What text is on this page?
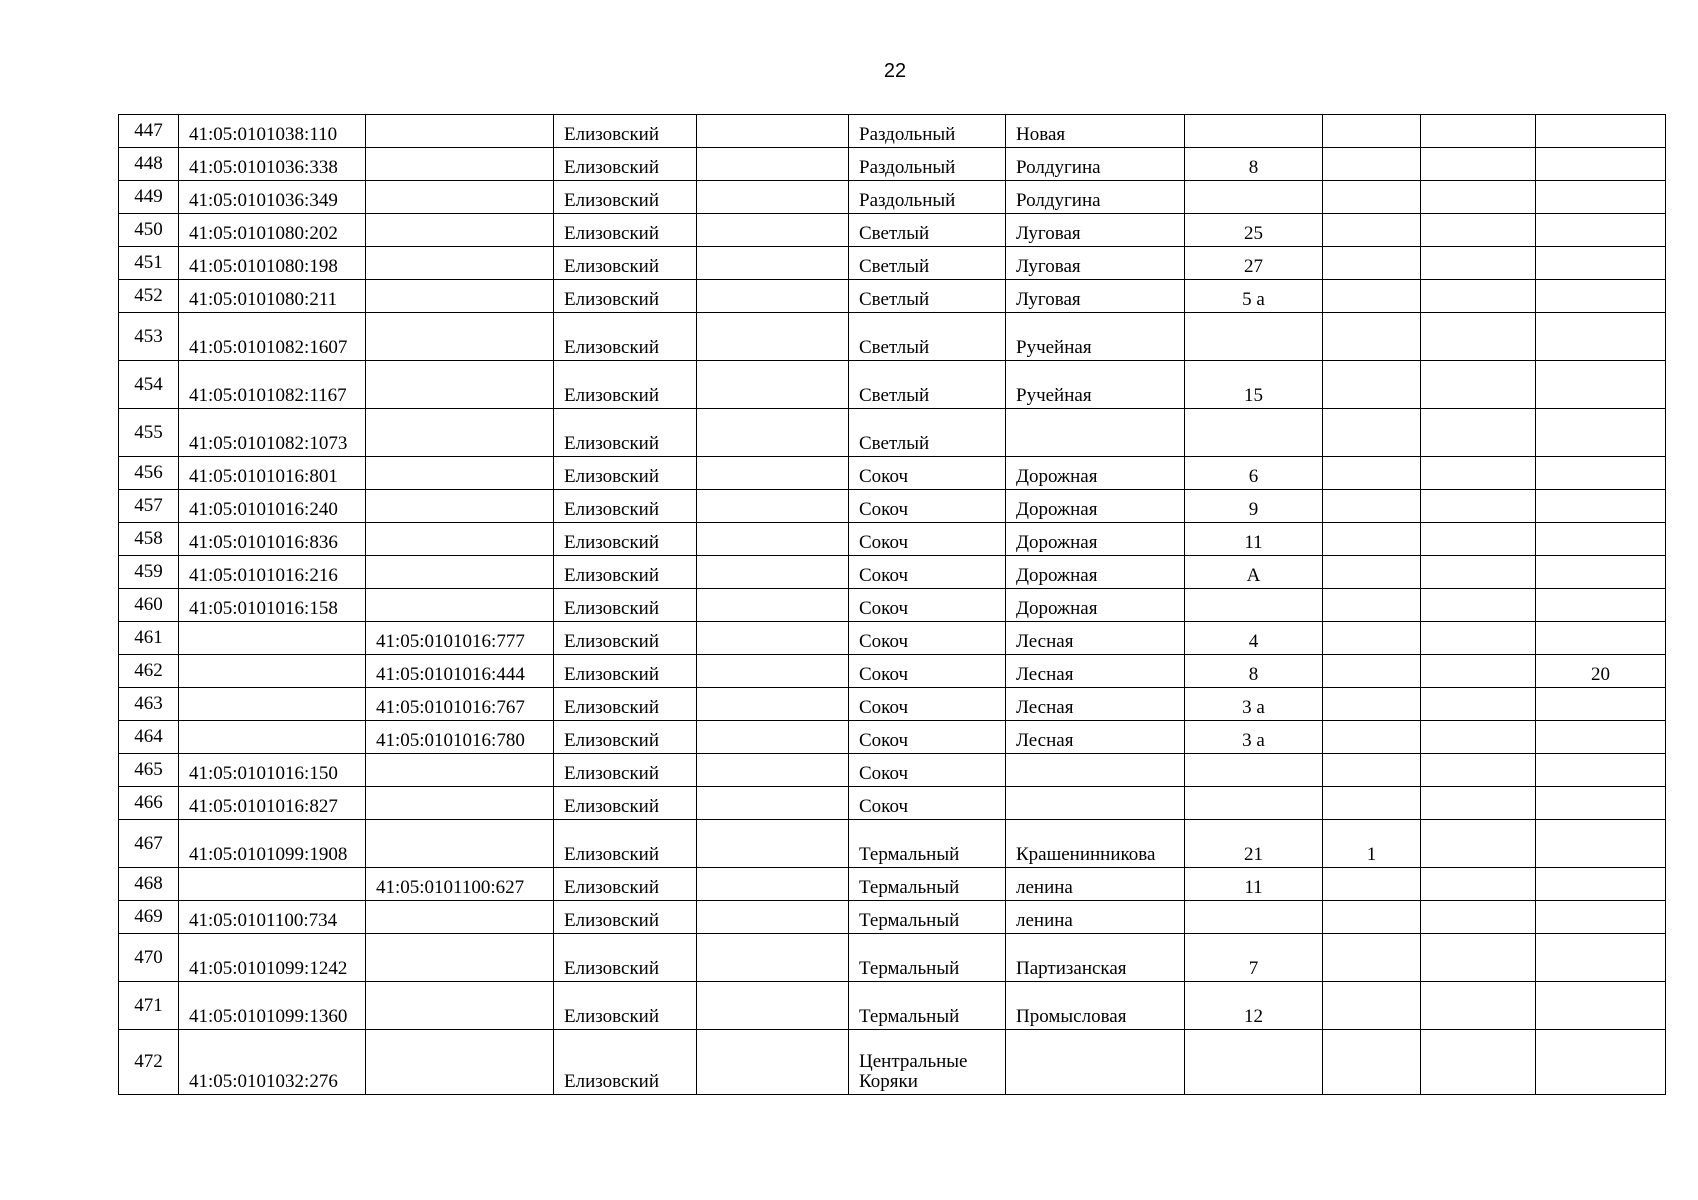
22
447	41:05:0101038:110		Елизовский		Раздольный	Новая				
448	41:05:0101036:338		Елизовский		Раздольный	Ролдугина	8			
449	41:05:0101036:349		Елизовский		Раздольный	Ролдугина				
450	41:05:0101080:202		Елизовский		Светлый	Луговая	25			
451	41:05:0101080:198		Елизовский		Светлый	Луговая	27			
452	41:05:0101080:211		Елизовский		Светлый	Луговая	5 а			
453	41:05:0101082:1607		Елизовский		Светлый	Ручейная				
454	41:05:0101082:1167		Елизовский		Светлый	Ручейная	15			
455	41:05:0101082:1073		Елизовский		Светлый					
456	41:05:0101016:801		Елизовский		Сокоч	Дорожная	6			
457	41:05:0101016:240		Елизовский		Сокоч	Дорожная	9			
458	41:05:0101016:836		Елизовский		Сокоч	Дорожная	11			
459	41:05:0101016:216		Елизовский		Сокоч	Дорожная	А			
460	41:05:0101016:158		Елизовский		Сокоч	Дорожная				
461		41:05:0101016:777	Елизовский		Сокоч	Лесная	4			
462		41:05:0101016:444	Елизовский		Сокоч	Лесная	8			20
463		41:05:0101016:767	Елизовский		Сокоч	Лесная	3 а			
464		41:05:0101016:780	Елизовский		Сокоч	Лесная	3 а			
465	41:05:0101016:150		Елизовский		Сокоч					
466	41:05:0101016:827		Елизовский		Сокоч					
467	41:05:0101099:1908		Елизовский		Термальный	Крашенинникова	21	1		
468		41:05:0101100:627	Елизовский		Термальный	ленина	11			
469	41:05:0101100:734		Елизовский		Термальный	ленина				
470	41:05:0101099:1242		Елизовский		Термальный	Партизанская	7			
471	41:05:0101099:1360		Елизовский		Термальный	Промысловая	12			
472	41:05:0101032:276		Елизовский		Центральные Коряки					
